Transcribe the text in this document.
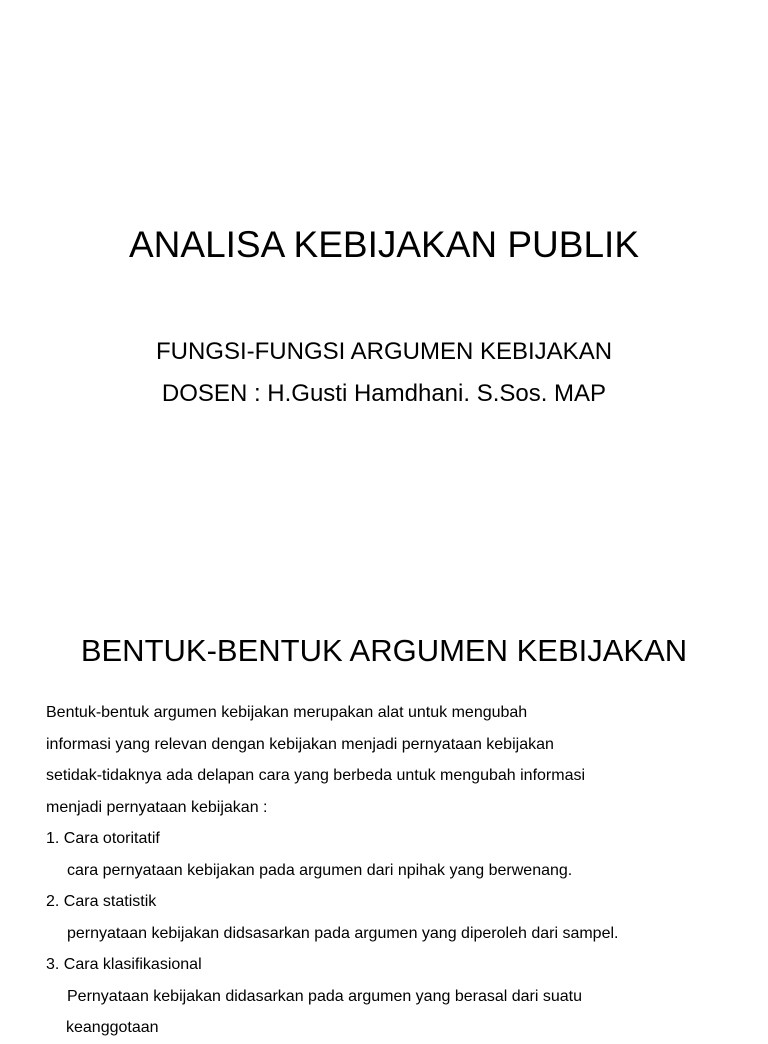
ANALISA KEBIJAKAN PUBLIK
FUNGSI-FUNGSI ARGUMEN KEBIJAKAN
DOSEN : H.Gusti Hamdhani. S.Sos. MAP
BENTUK-BENTUK ARGUMEN KEBIJAKAN
Bentuk-bentuk argumen kebijakan merupakan alat untuk mengubah
informasi yang relevan dengan kebijakan menjadi pernyataan kebijakan
setidak-tidaknya ada delapan cara yang berbeda untuk mengubah informasi
menjadi pernyataan kebijakan :
1. Cara otoritatif
cara pernyataan kebijakan pada argumen dari npihak yang berwenang.
2. Cara statistik
pernyataan kebijakan didsasarkan pada argumen yang diperoleh dari sampel.
3. Cara klasifikasional
Pernyataan kebijakan didasarkan pada argumen yang berasal dari suatu
keanggotaan
